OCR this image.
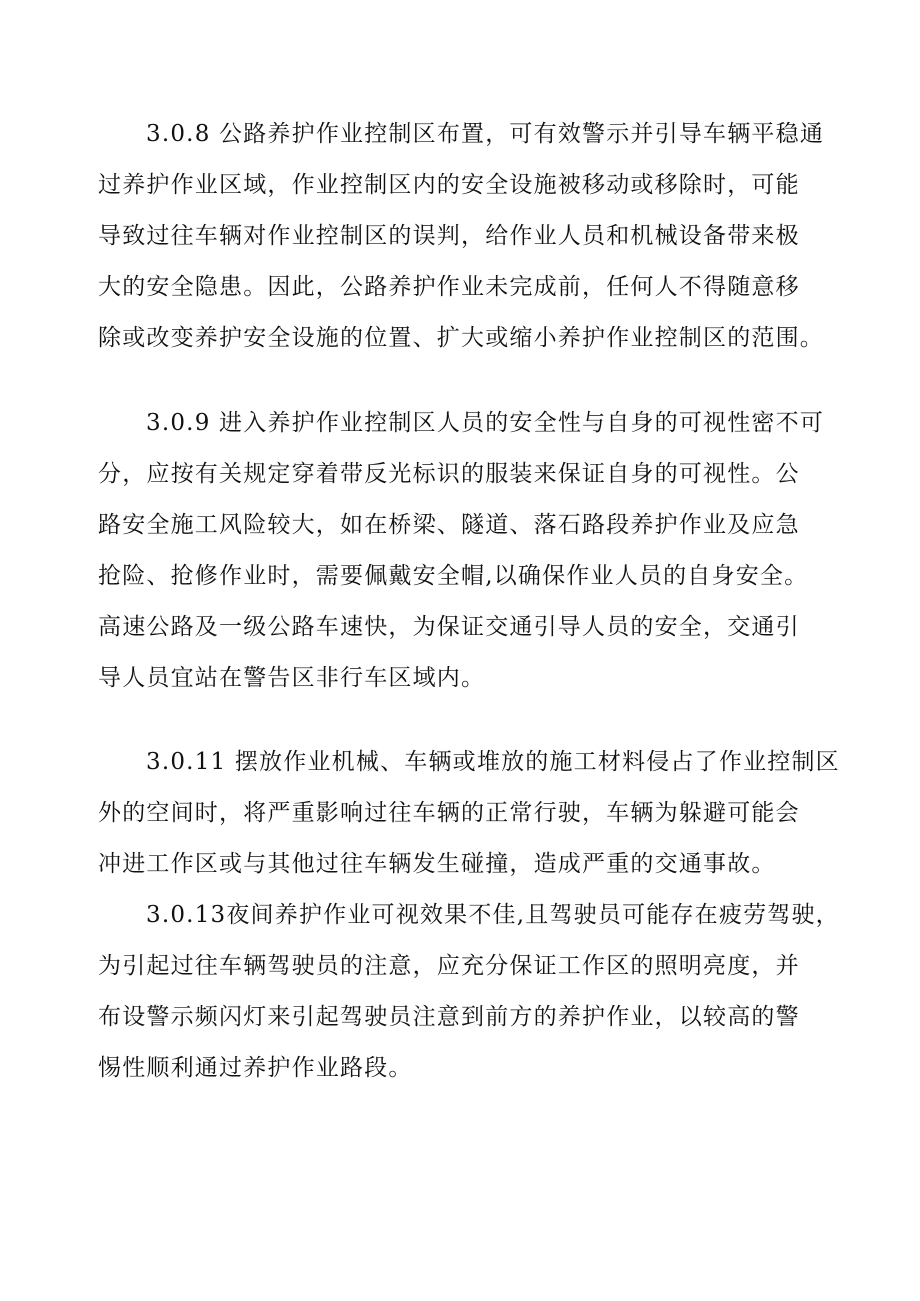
3.0.8 公路养护作业控制区布置，可有效警示并引导车辆平稳通
过养护作业区域，作业控制区内的安全设施被移动或移除时，可能
导致过往车辆对作业控制区的误判，给作业人员和机械设备带来极
大的安全隐患。因此，公路养护作业未完成前，任何人不得随意移
除或改变养护安全设施的位置、扩大或缩小养护作业控制区的范围。
3.0.9 进入养护作业控制区人员的安全性与自身的可视性密不可
分，应按有关规定穿着带反光标识的服装来保证自身的可视性。公
路安全施工风险较大，如在桥梁、隧道、落石路段养护作业及应急
抢险、抢修作业时，需要佩戴安全帽,以确保作业人员的自身安全。
高速公路及一级公路车速快，为保证交通引导人员的安全，交通引
导人员宜站在警告区非行车区域内。
3.0.11 摆放作业机械、车辆或堆放的施工材料侵占了作业控制区
外的空间时，将严重影响过往车辆的正常行驶，车辆为躲避可能会
冲进工作区或与其他过往车辆发生碰撞，造成严重的交通事故。
3.0.13夜间养护作业可视效果不佳,且驾驶员可能存在疲劳驾驶，
为引起过往车辆驾驶员的注意，应充分保证工作区的照明亮度，并
布设警示频闪灯来引起驾驶员注意到前方的养护作业，以较高的警
惕性顺利通过养护作业路段。
